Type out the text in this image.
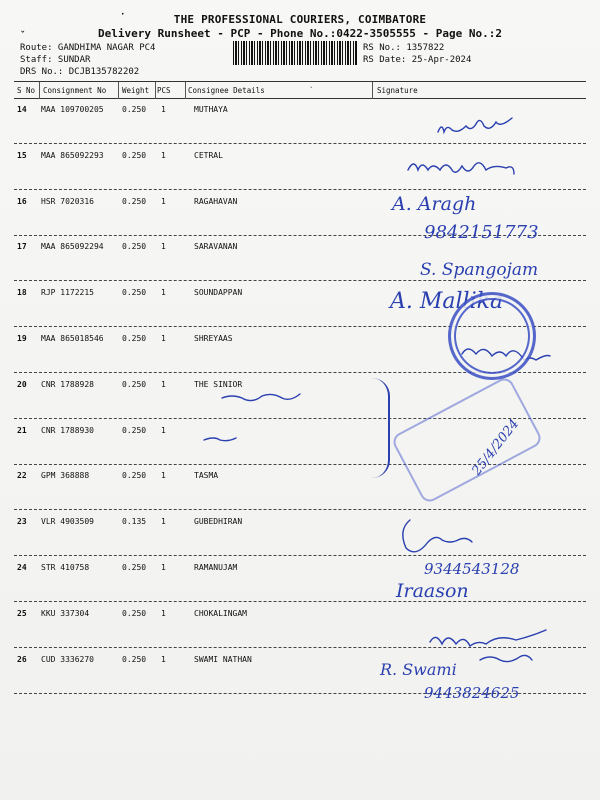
THE PROFESSIONAL COURIERS, COIMBATORE
Delivery Runsheet - PCP - Phone No.:0422-3505555 - Page No.:2
ˇ
·
Route: GANDHIMA NAGAR PC4
Staff: SUNDAR
DRS No.: DCJB135782202
RS No.: 1357822
RS Date: 25-Apr-2024
S No Consignment No Weight PCS Consignee Details	Signature
14 MAA 109700205 0.250 1	MUTHAYA
15 MAA 865092293 0.250 1	CETRAL
16 HSR 7020316	0.250 1	RAGAHAVAN
17 MAA 865092294 0.250 1	SARAVANAN
18 RJP 1172215	0.250 1	SOUNDAPPAN
19 MAA 865018546 0.250 1	SHREYAAS
20 CNR 1788928	0.250 1	THE SINIOR
21 CNR 1788930	0.250 1
22 GPM 368888	0.250 1	TASMA
23 VLR 4903509	0.135 1	GUBEDHIRAN
24 STR 410758	0.250 1	RAMANUJAM
25 KKU 337304	0.250 1	CHOKALINGAM
26 CUD 3336270	0.250 1	SWAMI NATHAN
A. Aragh
9842151773
S. Spangojam
A. Mallika
25/4/2024
9344543128
Iraason
R. Swami
9443824625
ˋ
